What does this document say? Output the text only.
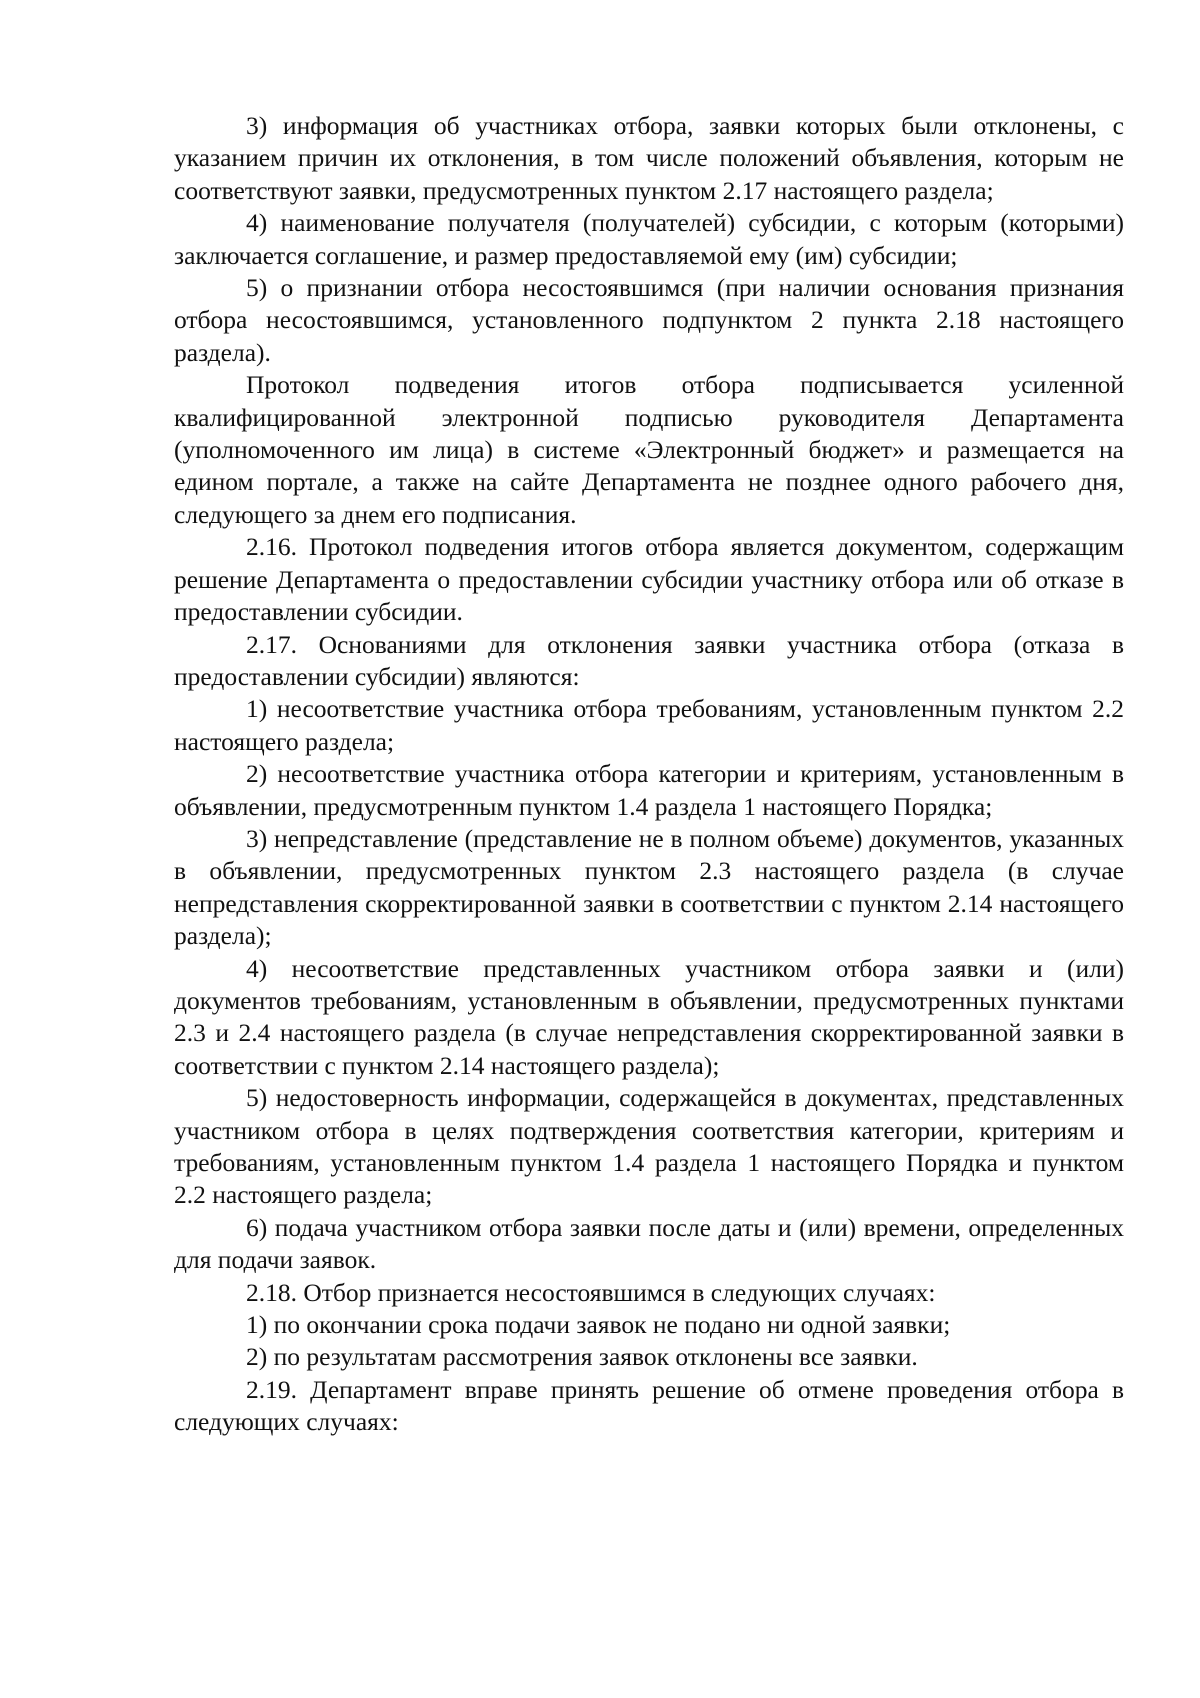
3) информация об участниках отбора, заявки которых были отклонены, с указанием причин их отклонения, в том числе положений объявления, которым не соответствуют заявки, предусмотренных пунктом 2.17 настоящего раздела;

4) наименование получателя (получателей) субсидии, с которым (которыми) заключается соглашение, и размер предоставляемой ему (им) субсидии;

5) о признании отбора несостоявшимся (при наличии основания признания отбора несостоявшимся, установленного подпунктом 2 пункта 2.18 настоящего раздела).

Протокол подведения итогов отбора подписывается усиленной квалифицированной электронной подписью руководителя Департамента (уполномоченного им лица) в системе «Электронный бюджет» и размещается на едином портале, а также на сайте Департамента не позднее одного рабочего дня, следующего за днем его подписания.

2.16. Протокол подведения итогов отбора является документом, содержащим решение Департамента о предоставлении субсидии участнику отбора или об отказе в предоставлении субсидии.

2.17. Основаниями для отклонения заявки участника отбора (отказа в предоставлении субсидии) являются:

1) несоответствие участника отбора требованиям, установленным пунктом 2.2 настоящего раздела;

2) несоответствие участника отбора категории и критериям, установленным в объявлении, предусмотренным пунктом 1.4 раздела 1 настоящего Порядка;

3) непредставление (представление не в полном объеме) документов, указанных в объявлении, предусмотренных пунктом 2.3 настоящего раздела (в случае непредставления скорректированной заявки в соответствии с пунктом 2.14 настоящего раздела);

4) несоответствие представленных участником отбора заявки и (или) документов требованиям, установленным в объявлении, предусмотренных пунктами 2.3 и 2.4 настоящего раздела (в случае непредставления скорректированной заявки в соответствии с пунктом 2.14 настоящего раздела);

5) недостоверность информации, содержащейся в документах, представленных участником отбора в целях подтверждения соответствия категории, критериям и требованиям, установленным пунктом 1.4 раздела 1 настоящего Порядка и пунктом 2.2 настоящего раздела;

6) подача участником отбора заявки после даты и (или) времени, определенных для подачи заявок.

2.18. Отбор признается несостоявшимся в следующих случаях:

1) по окончании срока подачи заявок не подано ни одной заявки;

2) по результатам рассмотрения заявок отклонены все заявки.

2.19. Департамент вправе принять решение об отмене проведения отбора в следующих случаях:
